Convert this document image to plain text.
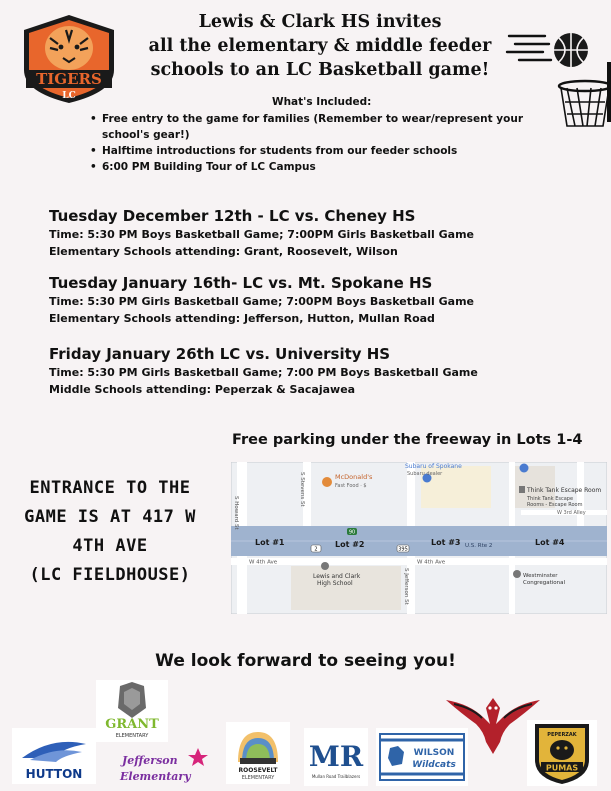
TIGERS
LC
Lewis & Clark HS invites
all the elementary & middle feeder
schools to an LC Basketball game!
What's Included:
• Free entry to the game for families (Remember to wear/represent your school's gear!)
• Halftime introductions for students from our feeder schools
• 6:00 PM Building Tour of LC Campus
Tuesday December 12th - LC vs. Cheney HS
Time: 5:30 PM Boys Basketball Game; 7:00PM Girls Basketball Game
Elementary Schools attending: Grant, Roosevelt, Wilson
Tuesday January 16th- LC vs. Mt. Spokane HS
Time: 5:30 PM Girls Basketball Game; 7:00PM Boys Basketball Game
Elementary Schools attending: Jefferson, Hutton, Mullan Road
Friday January 26th LC vs. University HS
Time: 5:30 PM Girls Basketball Game; 7:00 PM Boys Basketball Game
Middle Schools attending: Peperzak & Sacajawea
ENTRANCE TO THE
GAME IS AT 417 W
4TH AVE
(LC FIELDHOUSE)
Free parking under the freeway in Lots 1-4
McDonald's
Fast Food · $
Subaru of Spokane
Subaru dealer
Think Tank Escape Room
Think Tank Escape
Rooms - Escape Room
W 3rd Alley
S Howard St
S Stevens St
S Jefferson St
Lot #1	Lot #2	Lot #3	Lot #4
U.S. Rte 2
2	395
90
W 4th Ave	W 4th Ave
Lewis and Clark
High School
Westminster
Congregational
We look forward to seeing you!
HUTTON
GRANT
ELEMENTARY
Jefferson
Elementary	ROOSEVELT
ELEMENTARY
MR
Mullan Road Trailblazers
WILSON
Wildcats
PEPERZAK
PUMAS
